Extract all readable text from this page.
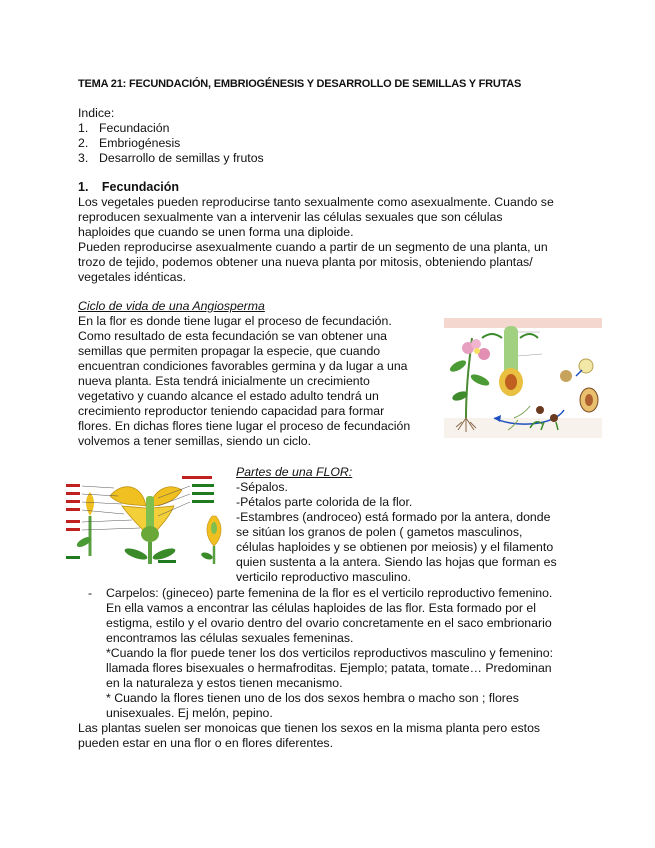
TEMA 21: FECUNDACIÓN, EMBRIOGÉNESIS Y DESARROLLO DE SEMILLAS Y FRUTAS
Indice:
1. Fecundación
2. Embriogénesis
3. Desarrollo de semillas y frutos
1. Fecundación
Los vegetales pueden reproducirse tanto sexualmente como asexualmente. Cuando se
reproducen sexualmente van a intervenir las células sexuales que son células
haploides que cuando se unen forma una diploide.
Pueden reproducirse asexualmente cuando a partir de un segmento de una planta, un
trozo de tejido, podemos obtener una nueva planta por mitosis, obteniendo plantas/
vegetales idénticas.
Ciclo de vida de una Angiosperma
En la flor es donde tiene lugar el proceso de fecundación.
Como resultado de esta fecundación se van obtener una
semillas que permiten propagar la especie, que cuando
encuentran condiciones favorables germina y da lugar a una
nueva planta. Esta tendrá inicialmente un crecimiento
vegetativo y cuando alcance el estado adulto tendrá un
crecimiento reproductor teniendo capacidad para formar
flores. En dichas flores tiene lugar el proceso de fecundación
volvemos a tener semillas, siendo un ciclo.
Partes de una FLOR:
-Sépalos.
-Pétalos parte colorida de la flor.
-Estambres (androceo) está formado por la antera, donde
se sitúan los granos de polen ( gametos masculinos,
células haploides y se obtienen por meiosis) y el filamento
quien sustenta a la antera. Siendo las hojas que forman es
verticilo reproductivo masculino.
- Carpelos: (gineceo) parte femenina de la flor es el verticilo reproductivo femenino.
En ella vamos a encontrar las células haploides de las flor. Esta formado por el
estigma, estilo y el ovario dentro del ovario concretamente en el saco embrionario
encontramos las células sexuales femeninas.
*Cuando la flor puede tener los dos verticilos reproductivos masculino y femenino:
llamada flores bisexuales o hermafroditas. Ejemplo; patata, tomate… Predominan
en la naturaleza y estos tienen mecanismo.
* Cuando la flores tienen uno de los dos sexos hembra o macho son ; flores
unisexuales. Ej melón, pepino.
Las plantas suelen ser monoicas que tienen los sexos en la misma planta pero estos
pueden estar en una flor o en flores diferentes.
